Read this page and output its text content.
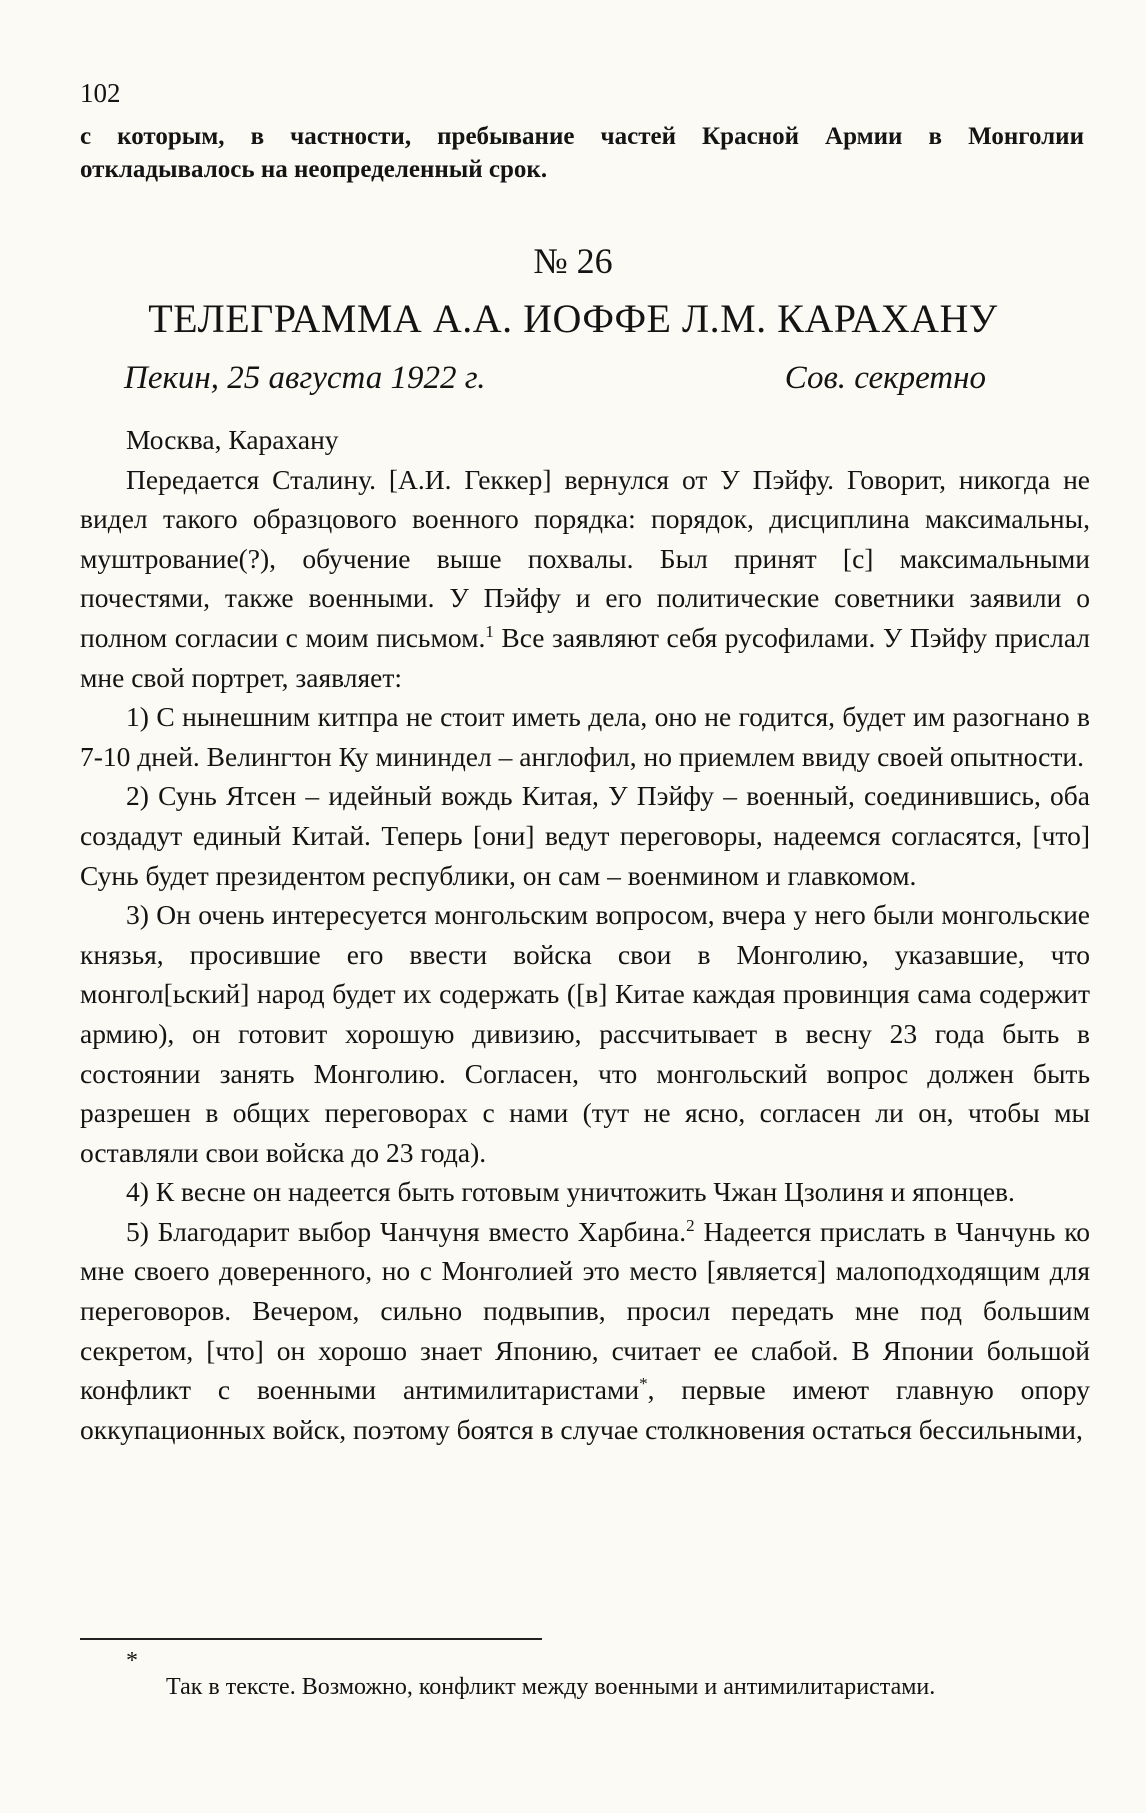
102
с которым, в частности, пребывание частей Красной Армии в Монголии откладывалось на неопределенный срок.
№ 26
ТЕЛЕГРАММА А.А. ИОФФЕ Л.М. КАРАХАНУ
Пекин, 25 августа 1922 г.	Сов. секретно

Москва, Карахану

Передается Сталину. [А.И. Геккер] вернулся от У Пэйфу. Говорит, никогда не видел такого образцового военного порядка: порядок, дисциплина максимальны, муштрование(?), обучение выше похвалы. Был принят [с] максимальными почестями, также военными. У Пэйфу и его политические советники заявили о полном согласии с моим письмом.$^1$ Все заявляют себя русофилами. У Пэйфу прислал мне свой портрет, заявляет:

1) С нынешним китпра не стоит иметь дела, оно не годится, будет им разогнано в 7-10 дней. Велингтон Ку мининдел – англофил, но приемлем ввиду своей опытности.

2) Сунь Ятсен – идейный вождь Китая, У Пэйфу – военный, соединившись, оба создадут единый Китай. Теперь [они] ведут переговоры, надеемся согласятся, [что] Сунь будет президентом республики, он сам – военмином и главкомом.

3) Он очень интересуется монгольским вопросом, вчера у него были монгольские князья, просившие его ввести войска свои в Монголию, указавшие, что монгол[ьский] народ будет их содержать ([в] Китае каждая провинция сама содержит армию), он готовит хорошую дивизию, рассчитывает в весну 23 года быть в состоянии занять Монголию. Согласен, что монгольский вопрос должен быть разрешен в общих переговорах с нами (тут не ясно, согласен ли он, чтобы мы оставляли свои войска до 23 года).

4) К весне он надеется быть готовым уничтожить Чжан Цзолиня и японцев.

5) Благодарит выбор Чанчуня вместо Харбина.$^2$ Надеется прислать в Чанчунь ко мне своего доверенного, но с Монголией это место [является] малоподходящим для переговоров. Вечером, сильно подвыпив, просил передать мне под большим секретом, [что] он хорошо знает Японию, считает ее слабой. В Японии большой конфликт с военными антимилитаристами*, первые имеют главную опору оккупационных войск, поэтому боятся в случае столкновения остаться бессильными,

*
Так в тексте. Возможно, конфликт между военными и антимилитаристами.
